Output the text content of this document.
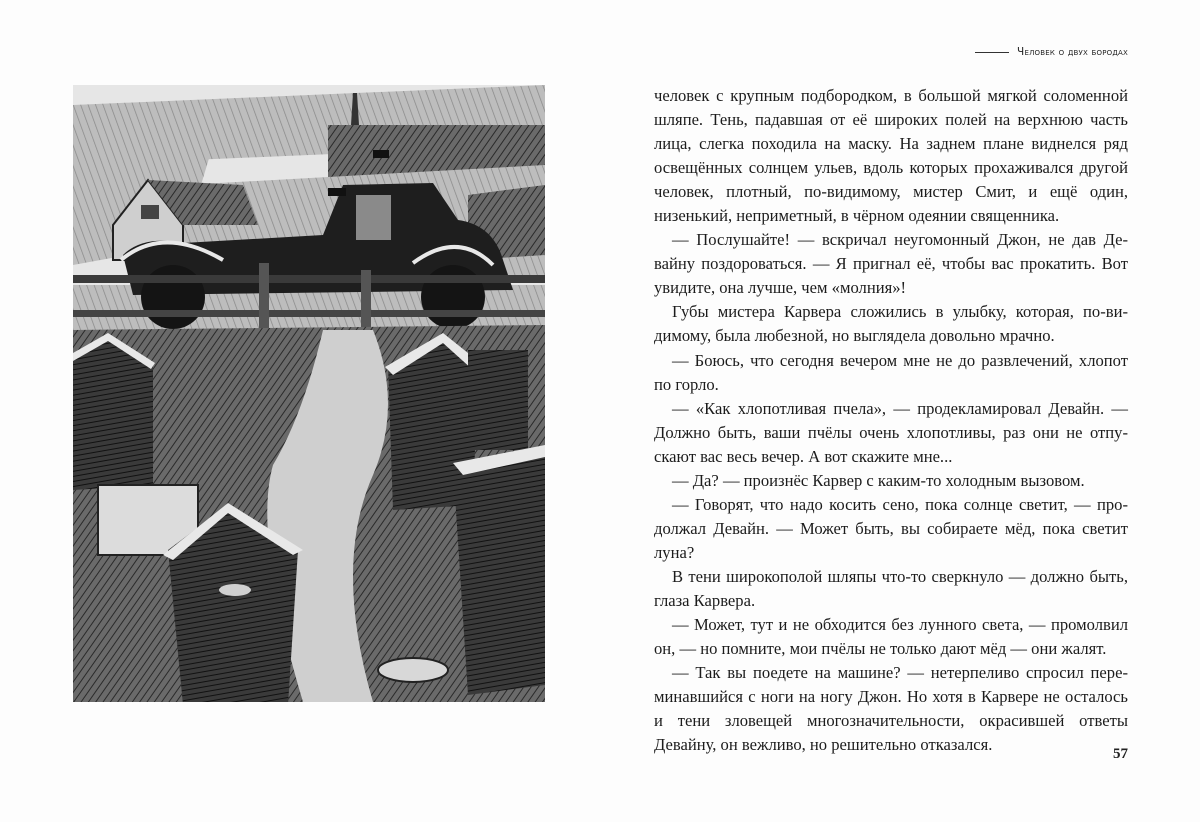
Человек о двух бородах

человек с крупным подбородком, в большой мягкой соломенной шляпе. Тень, падавшая от её широких полей на верхнюю часть лица, слегка походила на маску. На заднем плане виднелся ряд освещённых солнцем ульев, вдоль которых прохаживался другой человек, плотный, по-видимому, мистер Смит, и ещё один, низенький, неприметный, в чёрном одеянии священника.

— Послушайте! — вскричал неугомонный Джон, не дав Девайну поздороваться. — Я пригнал её, чтобы вас прокатить. Вот увидите, она лучше, чем «молния»!

Губы мистера Карвера сложились в улыбку, которая, по-видимому, была любезной, но выглядела довольно мрачно.

— Боюсь, что сегодня вечером мне не до развлечений, хлопот по горло.

— «Как хлопотливая пчела», — продекламировал Девайн. — Должно быть, ваши пчёлы очень хлопотливы, раз они не отпускают вас весь вечер. А вот скажите мне...

— Да? — произнёс Карвер с каким-то холодным вызовом.

— Говорят, что надо косить сено, пока солнце светит, — продолжал Девайн. — Может быть, вы собираете мёд, пока светит луна?

В тени широкополой шляпы что-то сверкнуло — должно быть, глаза Карвера.

— Может, тут и не обходится без лунного света, — промолвил он, — но помните, мои пчёлы не только дают мёд — они жалят.

— Так вы поедете на машине? — нетерпеливо спросил переминавшийся с ноги на ногу Джон. Но хотя в Карвере не осталось и тени зловещей многозначительности, окрасившей ответы Девайну, он вежливо, но решительно отказался.	57
